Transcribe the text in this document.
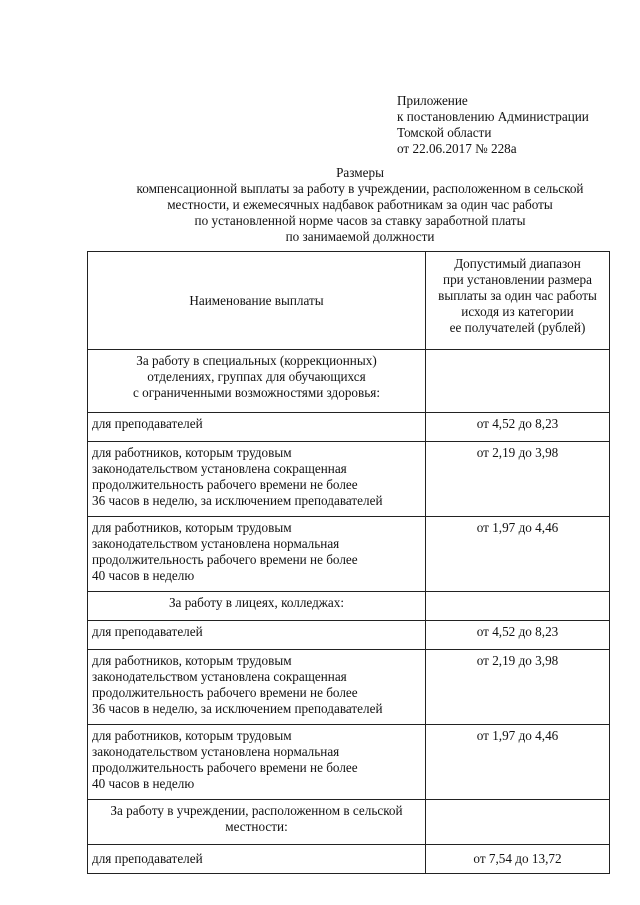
Приложение
к постановлению Администрации
Томской области
от 22.06.2017 № 228а
Размеры
компенсационной выплаты за работу в учреждении, расположенном в сельской
местности, и ежемесячных надбавок работникам за один час работы
по установленной норме часов за ставку заработной платы
по занимаемой должности
Наименование выплаты	Допустимый диапазон
при установлении размера
выплаты за один час работы
исходя из категории
ее получателей (рублей)

За работу в специальных (коррекционных)
отделениях, группах для обучающихся
с ограниченными возможностями здоровья:	

для преподавателей	от 4,52 до 8,23

для работников, которым трудовым
законодательством установлена сокращенная
продолжительность рабочего времени не более
36 часов в неделю, за исключением преподавателей	от 2,19 до 3,98

для работников, которым трудовым
законодательством установлена нормальная
продолжительность рабочего времени не более
40 часов в неделю	от 1,97 до 4,46

За работу в лицеях, колледжах:	

для преподавателей	от 4,52 до 8,23

для работников, которым трудовым
законодательством установлена сокращенная
продолжительность рабочего времени не более
36 часов в неделю, за исключением преподавателей	от 2,19 до 3,98

для работников, которым трудовым
законодательством установлена нормальная
продолжительность рабочего времени не более
40 часов в неделю	от 1,97 до 4,46

За работу в учреждении, расположенном в сельской
местности:	

для преподавателей	от 7,54 до 13,72
